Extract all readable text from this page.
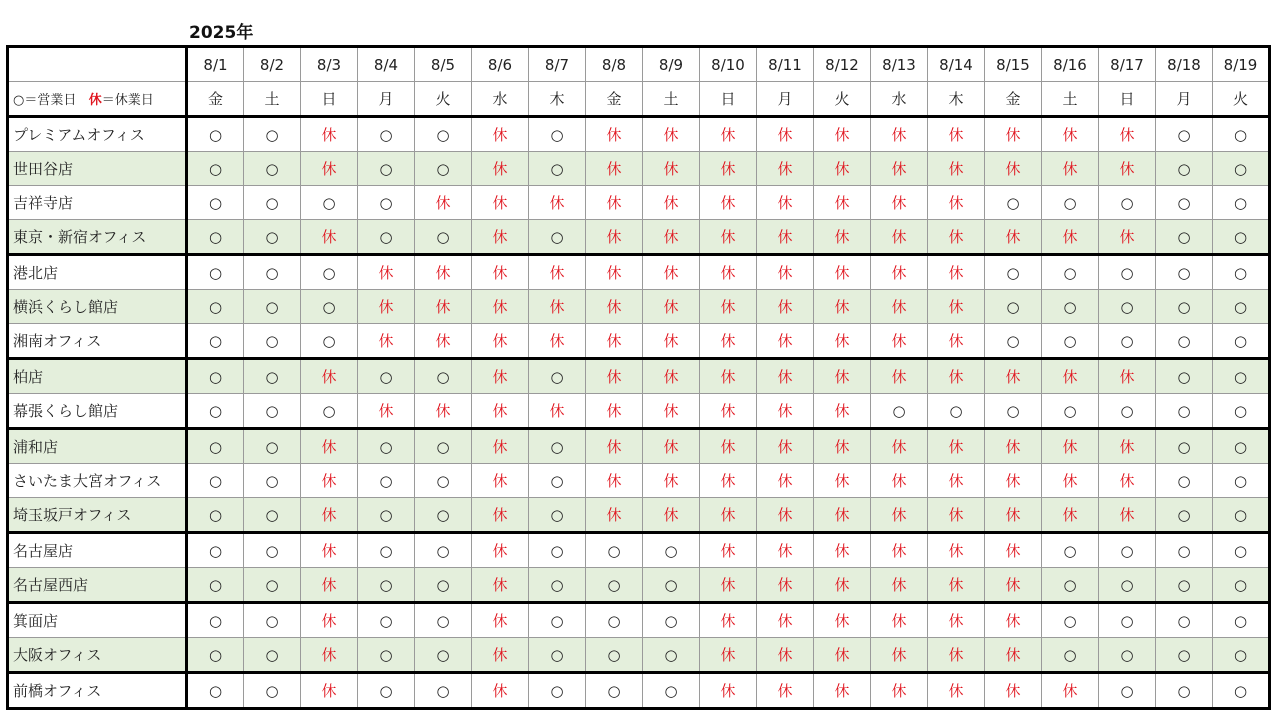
2025年
	8/1	8/2	8/3	8/4	8/5	8/6	8/7	8/8	8/9	8/10	8/11	8/12	8/13	8/14	8/15	8/16	8/17	8/18	8/19
○＝営業日 休＝休業日	金	土	日	月	火	水	木	金	土	日	月	火	水	木	金	土	日	月	火
プレミアムオフィス	○	○	休	○	○	休	○	休	休	休	休	休	休	休	休	休	休	○	○
世田谷店	○	○	休	○	○	休	○	休	休	休	休	休	休	休	休	休	休	○	○
吉祥寺店	○	○	○	○	休	休	休	休	休	休	休	休	休	休	○	○	○	○	○
東京・新宿オフィス	○	○	休	○	○	休	○	休	休	休	休	休	休	休	休	休	休	○	○
港北店	○	○	○	休	休	休	休	休	休	休	休	休	休	休	○	○	○	○	○
横浜くらし館店	○	○	○	休	休	休	休	休	休	休	休	休	休	休	○	○	○	○	○
湘南オフィス	○	○	○	休	休	休	休	休	休	休	休	休	休	休	○	○	○	○	○
柏店	○	○	休	○	○	休	○	休	休	休	休	休	休	休	休	休	休	○	○
幕張くらし館店	○	○	○	休	休	休	休	休	休	休	休	休	○	○	○	○	○	○	○
浦和店	○	○	休	○	○	休	○	休	休	休	休	休	休	休	休	休	休	○	○
さいたま大宮オフィス	○	○	休	○	○	休	○	休	休	休	休	休	休	休	休	休	休	○	○
埼玉坂戸オフィス	○	○	休	○	○	休	○	休	休	休	休	休	休	休	休	休	休	○	○
名古屋店	○	○	休	○	○	休	○	○	○	休	休	休	休	休	休	○	○	○	○
名古屋西店	○	○	休	○	○	休	○	○	○	休	休	休	休	休	休	○	○	○	○
箕面店	○	○	休	○	○	休	○	○	○	休	休	休	休	休	休	○	○	○	○
大阪オフィス	○	○	休	○	○	休	○	○	○	休	休	休	休	休	休	○	○	○	○
前橋オフィス	○	○	休	○	○	休	○	○	○	休	休	休	休	休	休	休	○	○	○
